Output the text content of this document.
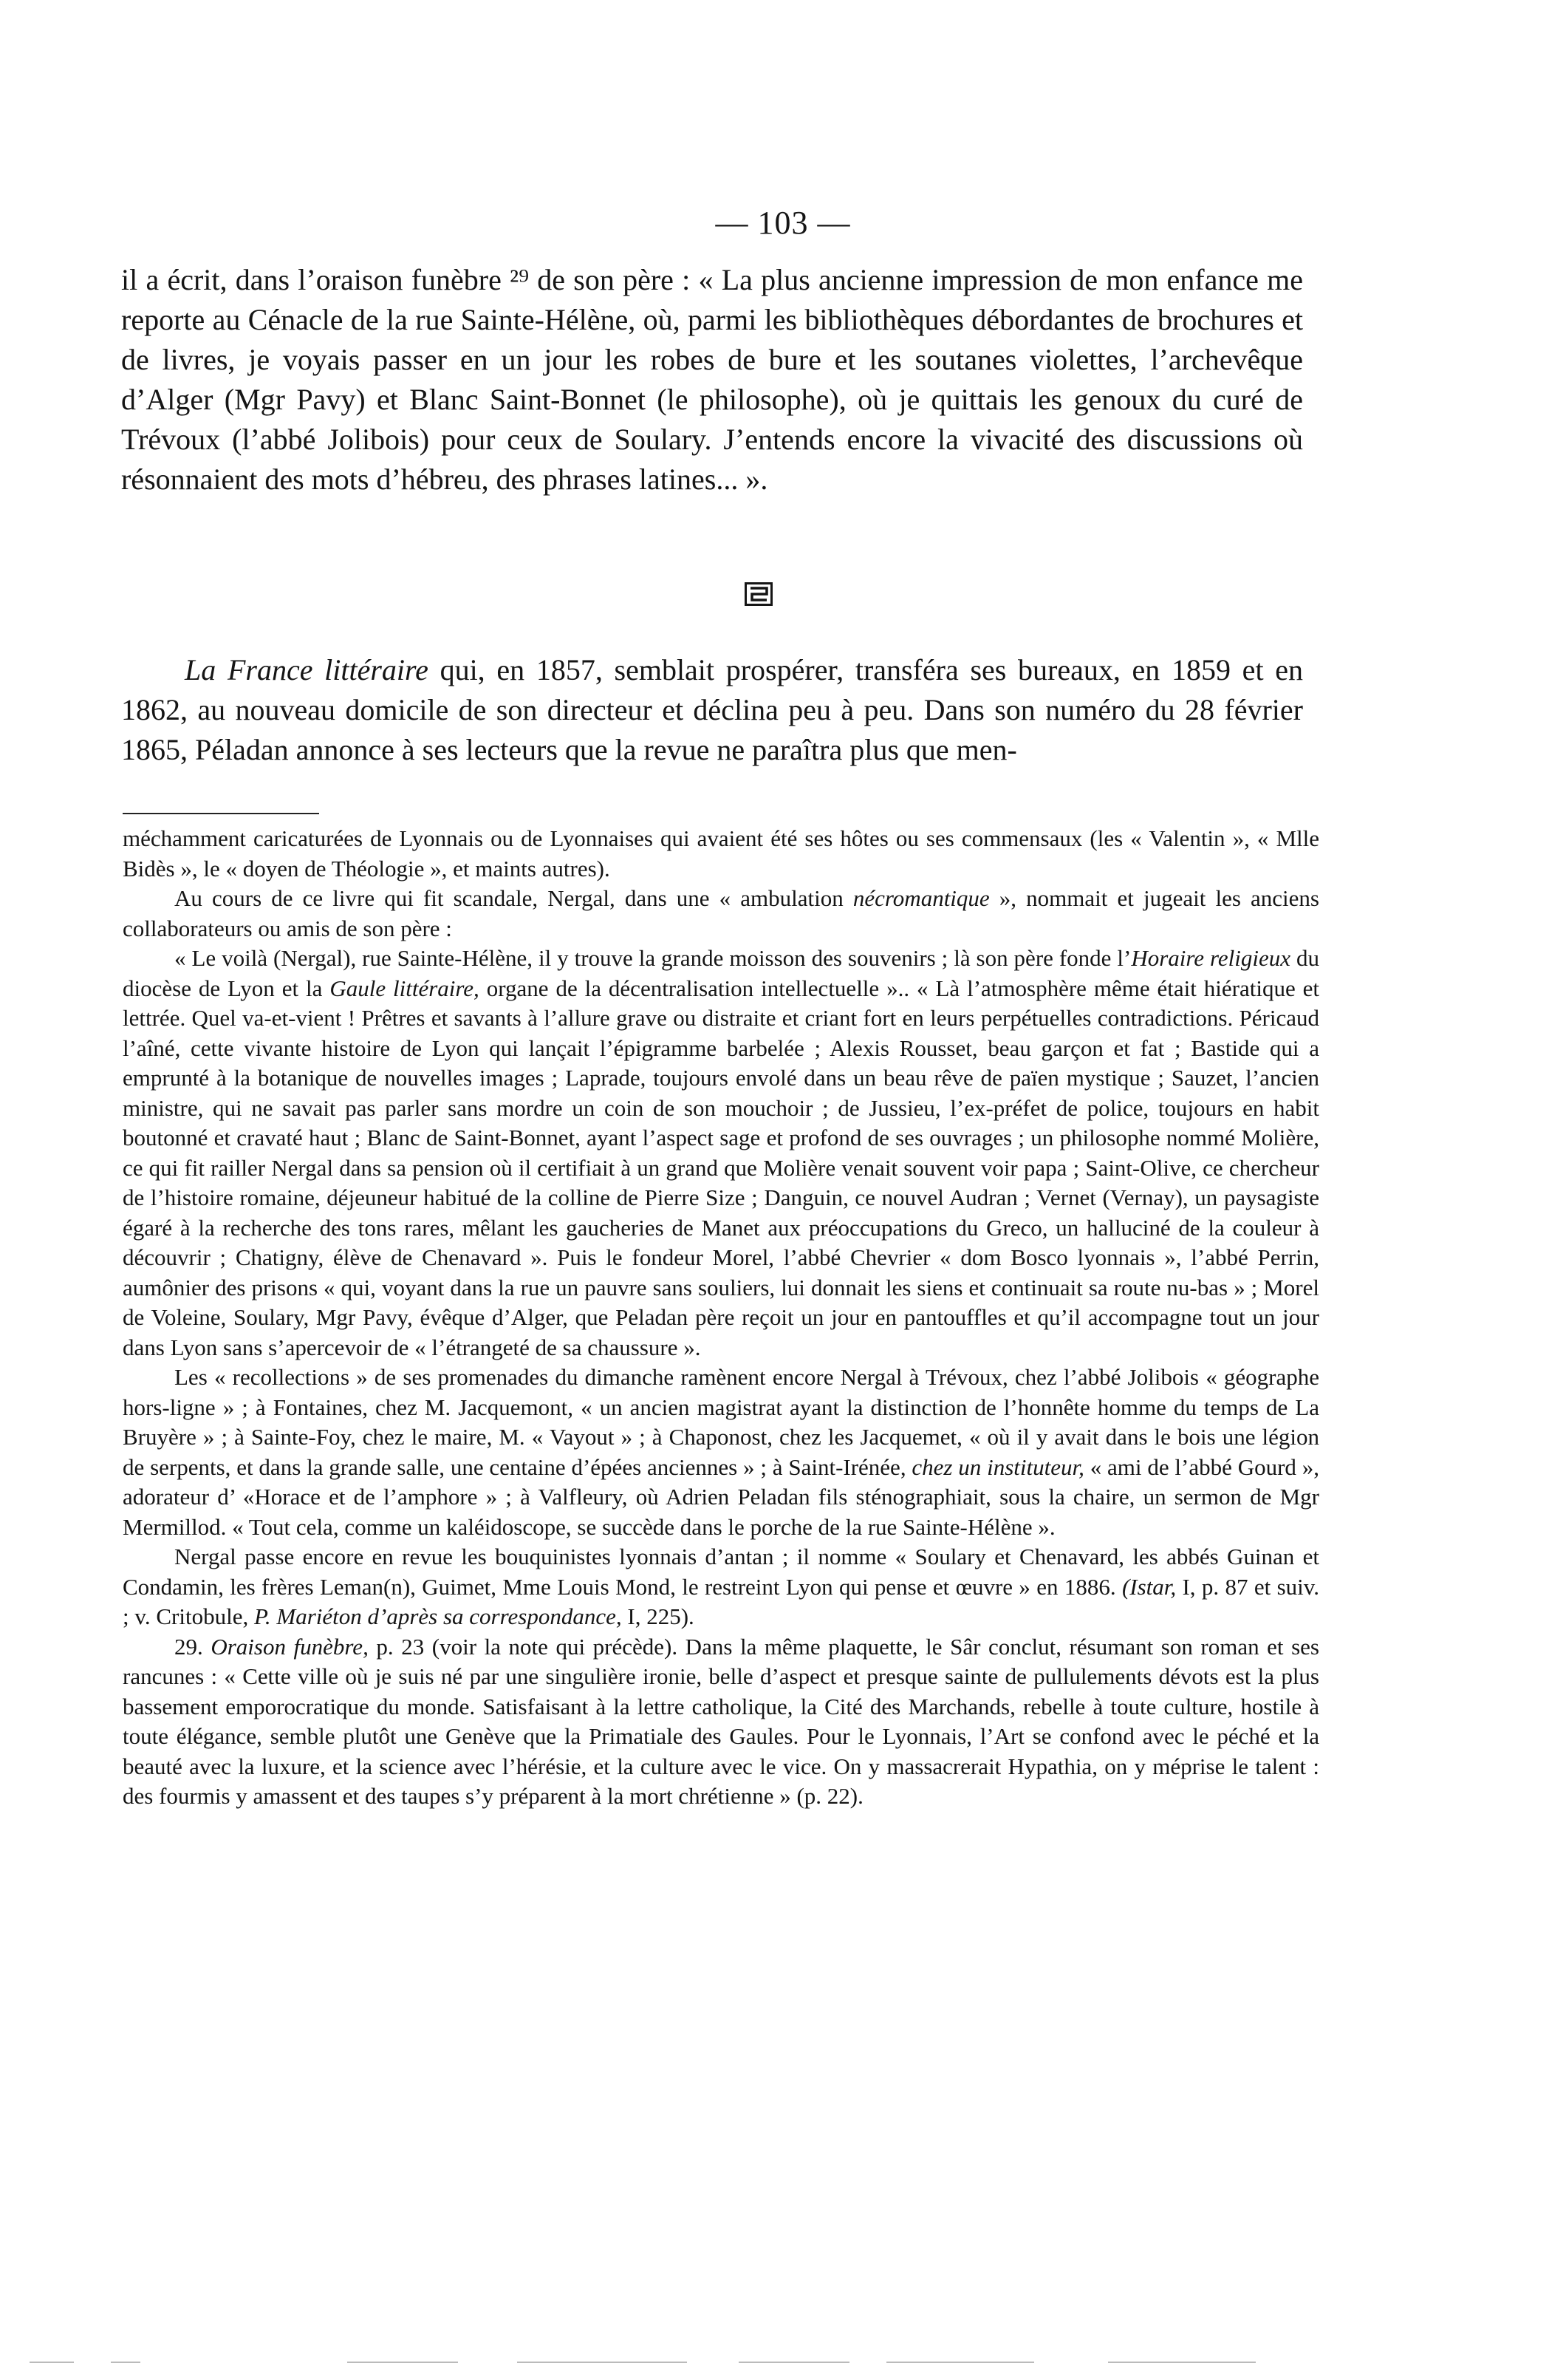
— 103 —

il a écrit, dans l’oraison funèbre ²⁹ de son père : « La plus ancienne impression de mon enfance me reporte au Cénacle de la rue Sainte-Hélène, où, parmi les bibliothèques débordantes de brochures et de livres, je voyais passer en un jour les robes de bure et les soutanes violettes, l’archevêque d’Alger (Mgr Pavy) et Blanc Saint-Bonnet (le philosophe), où je quittais les genoux du curé de Trévoux (l’abbé Jolibois) pour ceux de Soulary. J’entends encore la vivacité des discussions où résonnaient des mots d’hébreu, des phrases latines... ».

La France littéraire qui, en 1857, semblait prospérer, transféra ses bureaux, en 1859 et en 1862, au nouveau domicile de son directeur et déclina peu à peu. Dans son numéro du 28 février 1865, Péladan annonce à ses lecteurs que la revue ne paraîtra plus que men-

méchamment caricaturées de Lyonnais ou de Lyonnaises qui avaient été ses hôtes ou ses commensaux (les « Valentin », « Mlle Bidès », le « doyen de Théologie », et maints autres).

Au cours de ce livre qui fit scandale, Nergal, dans une « ambulation nécromantique », nommait et jugeait les anciens collaborateurs ou amis de son père :

« Le voilà (Nergal), rue Sainte-Hélène, il y trouve la grande moisson des souvenirs ; là son père fonde l’Horaire religieux du diocèse de Lyon et la Gaule littéraire, organe de la décentralisation intellectuelle ».. « Là l’atmosphère même était hiératique et lettrée. Quel va-et-vient ! Prêtres et savants à l’allure grave ou distraite et criant fort en leurs perpétuelles contradictions. Péricaud l’aîné, cette vivante histoire de Lyon qui lançait l’épigramme barbelée ; Alexis Rousset, beau garçon et fat ; Bastide qui a emprunté à la botanique de nouvelles images ; Laprade, toujours envolé dans un beau rêve de païen mystique ; Sauzet, l’ancien ministre, qui ne savait pas parler sans mordre un coin de son mouchoir ; de Jussieu, l’ex-préfet de police, toujours en habit boutonné et cravaté haut ; Blanc de Saint-Bonnet, ayant l’aspect sage et profond de ses ouvrages ; un philosophe nommé Molière, ce qui fit railler Nergal dans sa pension où il certifiait à un grand que Molière venait souvent voir papa ; Saint-Olive, ce chercheur de l’histoire romaine, déjeuneur habitué de la colline de Pierre Size ; Danguin, ce nouvel Audran ; Vernet (Vernay), un paysagiste égaré à la recherche des tons rares, mêlant les gaucheries de Manet aux préoccupations du Greco, un halluciné de la couleur à découvrir ; Chatigny, élève de Chenavard ». Puis le fondeur Morel, l’abbé Chevrier « dom Bosco lyonnais », l’abbé Perrin, aumônier des prisons « qui, voyant dans la rue un pauvre sans souliers, lui donnait les siens et continuait sa route nu-bas » ; Morel de Voleine, Soulary, Mgr Pavy, évêque d’Alger, que Peladan père reçoit un jour en pantouffles et qu’il accompagne tout un jour dans Lyon sans s’apercevoir de « l’étrangeté de sa chaussure ».

Les « recollections » de ses promenades du dimanche ramènent encore Nergal à Trévoux, chez l’abbé Jolibois « géographe hors-ligne » ; à Fontaines, chez M. Jacquemont, « un ancien magistrat ayant la distinction de l’honnête homme du temps de La Bruyère » ; à Sainte-Foy, chez le maire, M. « Vayout » ; à Chaponost, chez les Jacquemet, « où il y avait dans le bois une légion de serpents, et dans la grande salle, une centaine d’épées anciennes » ; à Saint-Irénée, chez un instituteur, « ami de l’abbé Gourd », adorateur d’ «Horace et de l’amphore » ; à Valfleury, où Adrien Peladan fils sténographiait, sous la chaire, un sermon de Mgr Mermillod. « Tout cela, comme un kaléidoscope, se succède dans le porche de la rue Sainte-Hélène ».

Nergal passe encore en revue les bouquinistes lyonnais d’antan ; il nomme « Soulary et Chenavard, les abbés Guinan et Condamin, les frères Leman(n), Guimet, Mme Louis Mond, le restreint Lyon qui pense et œuvre » en 1886. (Istar, I, p. 87 et suiv. ; v. Critobule, P. Mariéton d’après sa correspondance, I, 225).

29. Oraison funèbre, p. 23 (voir la note qui précède). Dans la même plaquette, le Sâr conclut, résumant son roman et ses rancunes : « Cette ville où je suis né par une singulière ironie, belle d’aspect et presque sainte de pullulements dévots est la plus bassement emporocratique du monde. Satisfaisant à la lettre catholique, la Cité des Marchands, rebelle à toute culture, hostile à toute élégance, semble plutôt une Genève que la Primatiale des Gaules. Pour le Lyonnais, l’Art se confond avec le péché et la beauté avec la luxure, et la science avec l’hérésie, et la culture avec le vice. On y massacrerait Hypathia, on y méprise le talent : des fourmis y amassent et des taupes s’y préparent à la mort chrétienne » (p. 22).
